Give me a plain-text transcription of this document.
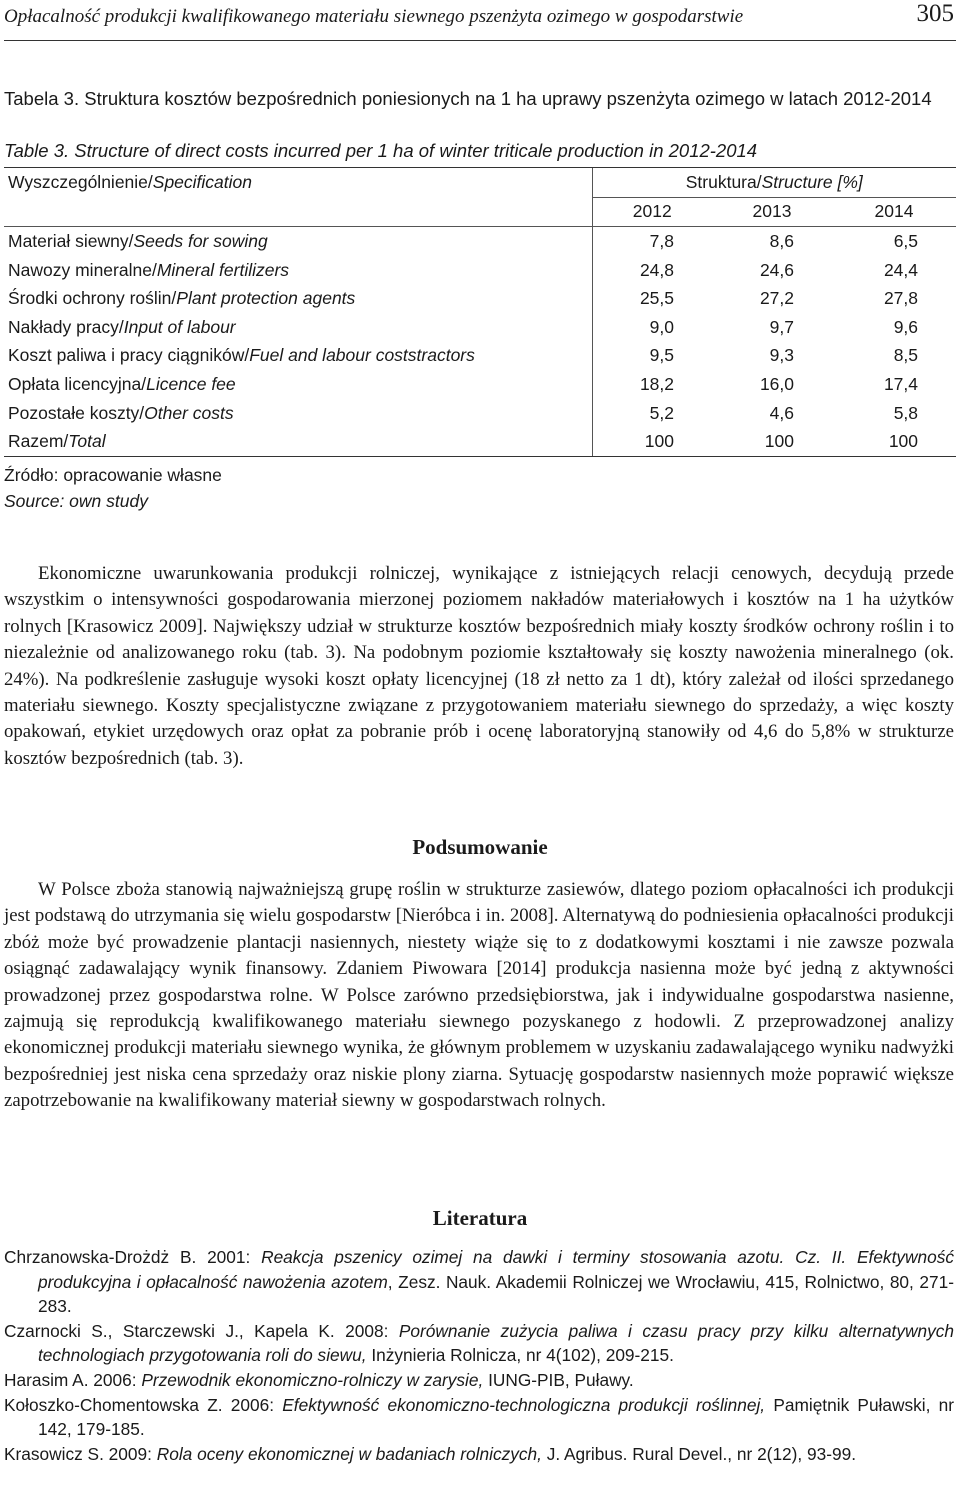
Opłacalność produkcji kwalifikowanego materiału siewnego pszenżyta ozimego w gospodarstwie	305
Tabela 3. Struktura kosztów bezpośrednich poniesionych na 1 ha uprawy pszenżyta ozimego w latach 2012-2014
Table 3. Structure of direct costs incurred per 1 ha of winter triticale production in 2012-2014
Wyszczególnienie/Specification	Struktura/Structure [%]		
	2012	2013	2014
Materiał siewny/Seeds for sowing	7,8	8,6	6,5
Nawozy mineralne/Mineral fertilizers	24,8	24,6	24,4
Środki ochrony roślin/Plant protection agents	25,5	27,2	27,8
Nakłady pracy/Input of labour	9,0	9,7	9,6
Koszt paliwa i pracy ciągników/Fuel and labour coststractors	9,5	9,3	8,5
Opłata licencyjna/Licence fee	18,2	16,0	17,4
Pozostałe koszty/Other costs	5,2	4,6	5,8
Razem/Total	100	100	100
Źródło: opracowanie własne
Source: own study

Ekonomiczne uwarunkowania produkcji rolniczej, wynikające z istniejących relacji cenowych, decydują przede wszystkim o intensywności gospodarowania mierzonej poziomem nakładów materiałowych i kosztów na 1 ha użytków rolnych [Krasowicz 2009]. Największy udział w strukturze kosztów bezpośrednich miały koszty środków ochrony roślin i to niezależnie od analizowanego roku (tab. 3). Na podobnym poziomie kształtowały się koszty nawożenia mineralnego (ok. 24%). Na podkreślenie zasługuje wysoki koszt opłaty licencyjnej (18 zł netto za 1 dt), który zależał od ilości sprzedanego materiału siewnego. Koszty specjalistyczne związane z przygotowaniem materiału siewnego do sprzedaży, a więc koszty opakowań, etykiet urzędowych oraz opłat za pobranie prób i ocenę laboratoryjną stanowiły od 4,6 do 5,8% w strukturze kosztów bezpośrednich (tab. 3).

Podsumowanie

W Polsce zboża stanowią najważniejszą grupę roślin w strukturze zasiewów, dlatego poziom opłacalności ich produkcji jest podstawą do utrzymania się wielu gospodarstw [Nieróbca i in. 2008]. Alternatywą do podniesienia opłacalności produkcji zbóż może być prowadzenie plantacji nasiennych, niestety wiąże się to z dodatkowymi kosztami i nie zawsze pozwala osiągnąć zadawalający wynik finansowy. Zdaniem Piwowara [2014] produkcja nasienna może być jedną z aktywności prowadzonej przez gospodarstwa rolne. W Polsce zarówno przedsiębiorstwa, jak i indywidualne gospodarstwa nasienne, zajmują się reprodukcją kwalifikowanego materiału siewnego pozyskanego z hodowli. Z przeprowadzonej analizy ekonomicznej produkcji materiału siewnego wynika, że głównym problemem w uzyskaniu zadawalającego wyniku nadwyżki bezpośredniej jest niska cena sprzedaży oraz niskie plony ziarna. Sytuację gospodarstw nasiennych może poprawić większe zapotrzebowanie na kwalifikowany materiał siewny w gospodarstwach rolnych.

Literatura

Chrzanowska-Drożdż B. 2001: Reakcja pszenicy ozimej na dawki i terminy stosowania azotu. Cz. II. Efektywność produkcyjna i opłacalność nawożenia azotem, Zesz. Nauk. Akademii Rolniczej we Wrocławiu, 415, Rolnictwo, 80, 271-283.

Czarnocki S., Starczewski J., Kapela K. 2008: Porównanie zużycia paliwa i czasu pracy przy kilku alternatywnych technologiach przygotowania roli do siewu, Inżynieria Rolnicza, nr 4(102), 209-215.

Harasim A. 2006: Przewodnik ekonomiczno-rolniczy w zarysie, IUNG-PIB, Puławy.

Kołoszko-Chomentowska Z. 2006: Efektywność ekonomiczno-technologiczna produkcji roślinnej, Pamiętnik Puławski, nr 142, 179-185.

Krasowicz S. 2009: Rola oceny ekonomicznej w badaniach rolniczych, J. Agribus. Rural Devel., nr 2(12), 93-99.
